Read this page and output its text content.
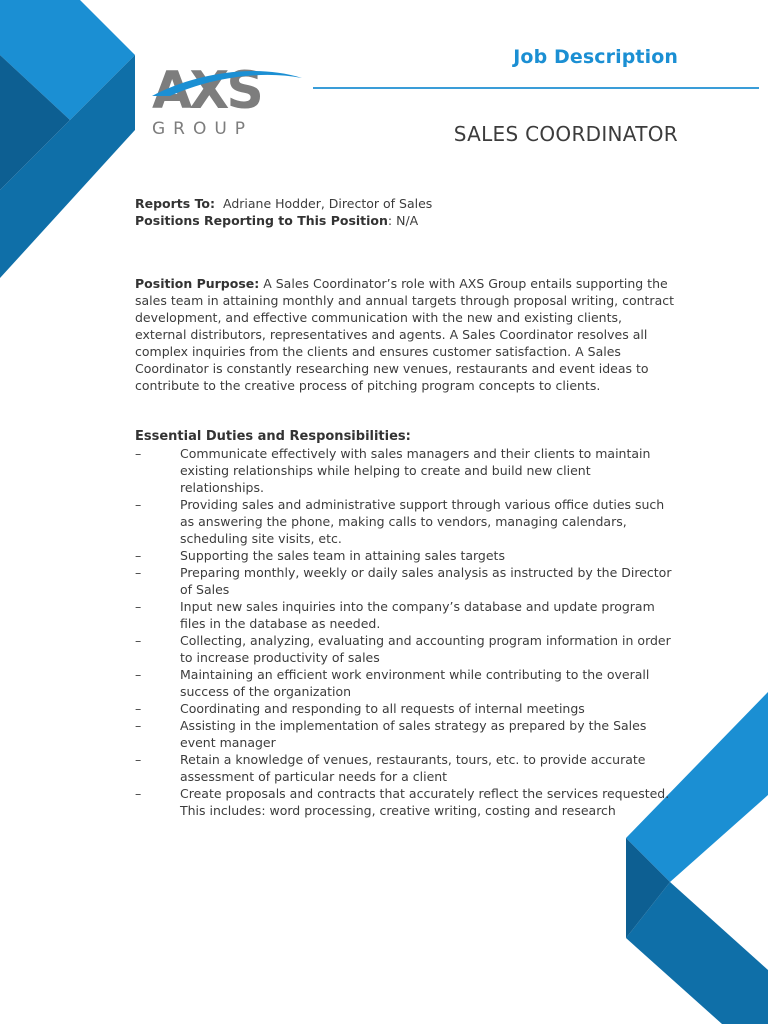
AXS
GROUP
Job Description
SALES COORDINATOR
Reports To: Adriane Hodder, Director of Sales
Positions Reporting to This Position: N/A
Position Purpose: A Sales Coordinator’s role with AXS Group entails supporting the sales team in attaining monthly and annual targets through proposal writing, contract development, and effective communication with the new and existing clients, external distributors, representatives and agents. A Sales Coordinator resolves all complex inquiries from the clients and ensures customer satisfaction. A Sales Coordinator is constantly researching new venues, restaurants and event ideas to contribute to the creative process of pitching program concepts to clients.
Essential Duties and Responsibilities:
–	Communicate effectively with sales managers and their clients to maintain existing relationships while helping to create and build new client relationships.
–	Providing sales and administrative support through various office duties such as answering the phone, making calls to vendors, managing calendars, scheduling site visits, etc.
–	Supporting the sales team in attaining sales targets
–	Preparing monthly, weekly or daily sales analysis as instructed by the Director of Sales
–	Input new sales inquiries into the company’s database and update program files in the database as needed.
–	Collecting, analyzing, evaluating and accounting program information in order to increase productivity of sales
–	Maintaining an efficient work environment while contributing to the overall success of the organization
–	Coordinating and responding to all requests of internal meetings
–	Assisting in the implementation of sales strategy as prepared by the Sales event manager
–	Retain a knowledge of venues, restaurants, tours, etc. to provide accurate assessment of particular needs for a client
–	Create proposals and contracts that accurately reflect the services requested. This includes: word processing, creative writing, costing and research
